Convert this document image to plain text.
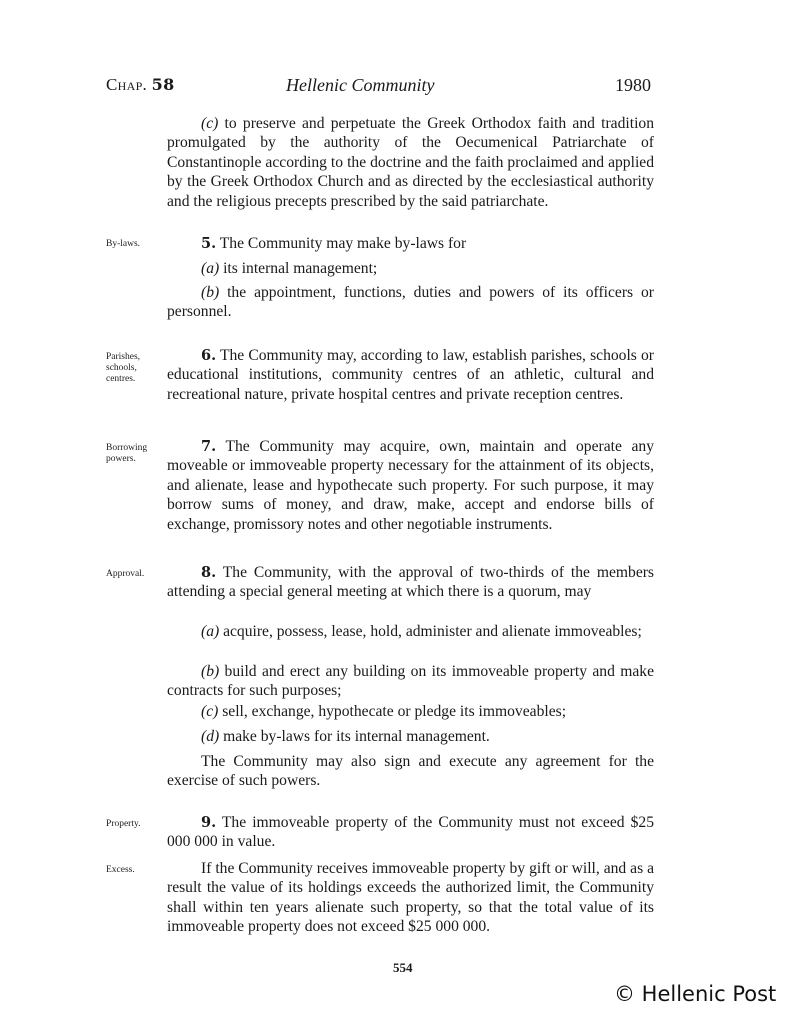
Chap. 58	Hellenic Community	1980

(c) to preserve and perpetuate the Greek Orthodox faith and tradition promulgated by the authority of the Oecumenical Patriarchate of Constantinople according to the doctrine and the faith proclaimed and applied by the Greek Orthodox Church and as directed by the ecclesiastical authority and the religious precepts prescribed by the said patriarchate.

By-laws.	5. The Community may make by-laws for

(a) its internal management;

(b) the appointment, functions, duties and powers of its officers or personnel.

Parishes, schools, centres.

6. The Community may, according to law, establish parishes, schools or educational institutions, community centres of an athletic, cultural and recreational nature, private hospital centres and private reception centres.

Borrowing powers.

7. The Community may acquire, own, maintain and operate any moveable or immoveable property necessary for the attainment of its objects, and alienate, lease and hypothecate such property. For such purpose, it may borrow sums of money, and draw, make, accept and endorse bills of exchange, promissory notes and other negotiable instruments.

Approval.	8. The Community, with the approval of two-thirds of the members attending a special general meeting at which there is a quorum, may

(a) acquire, possess, lease, hold, administer and alienate immoveables;

(b) build and erect any building on its immoveable property and make contracts for such purposes;

(c) sell, exchange, hypothecate or pledge its immoveables;

(d) make by-laws for its internal management.

The Community may also sign and execute any agreement for the exercise of such powers.

Property.	9. The immoveable property of the Community must not exceed $25 000 000 in value.

Excess.	If the Community receives immoveable property by gift or will, and as a result the value of its holdings exceeds the authorized limit, the Community shall within ten years alienate such property, so that the total value of its immoveable property does not exceed $25 000 000.

554
© Hellenic Post
